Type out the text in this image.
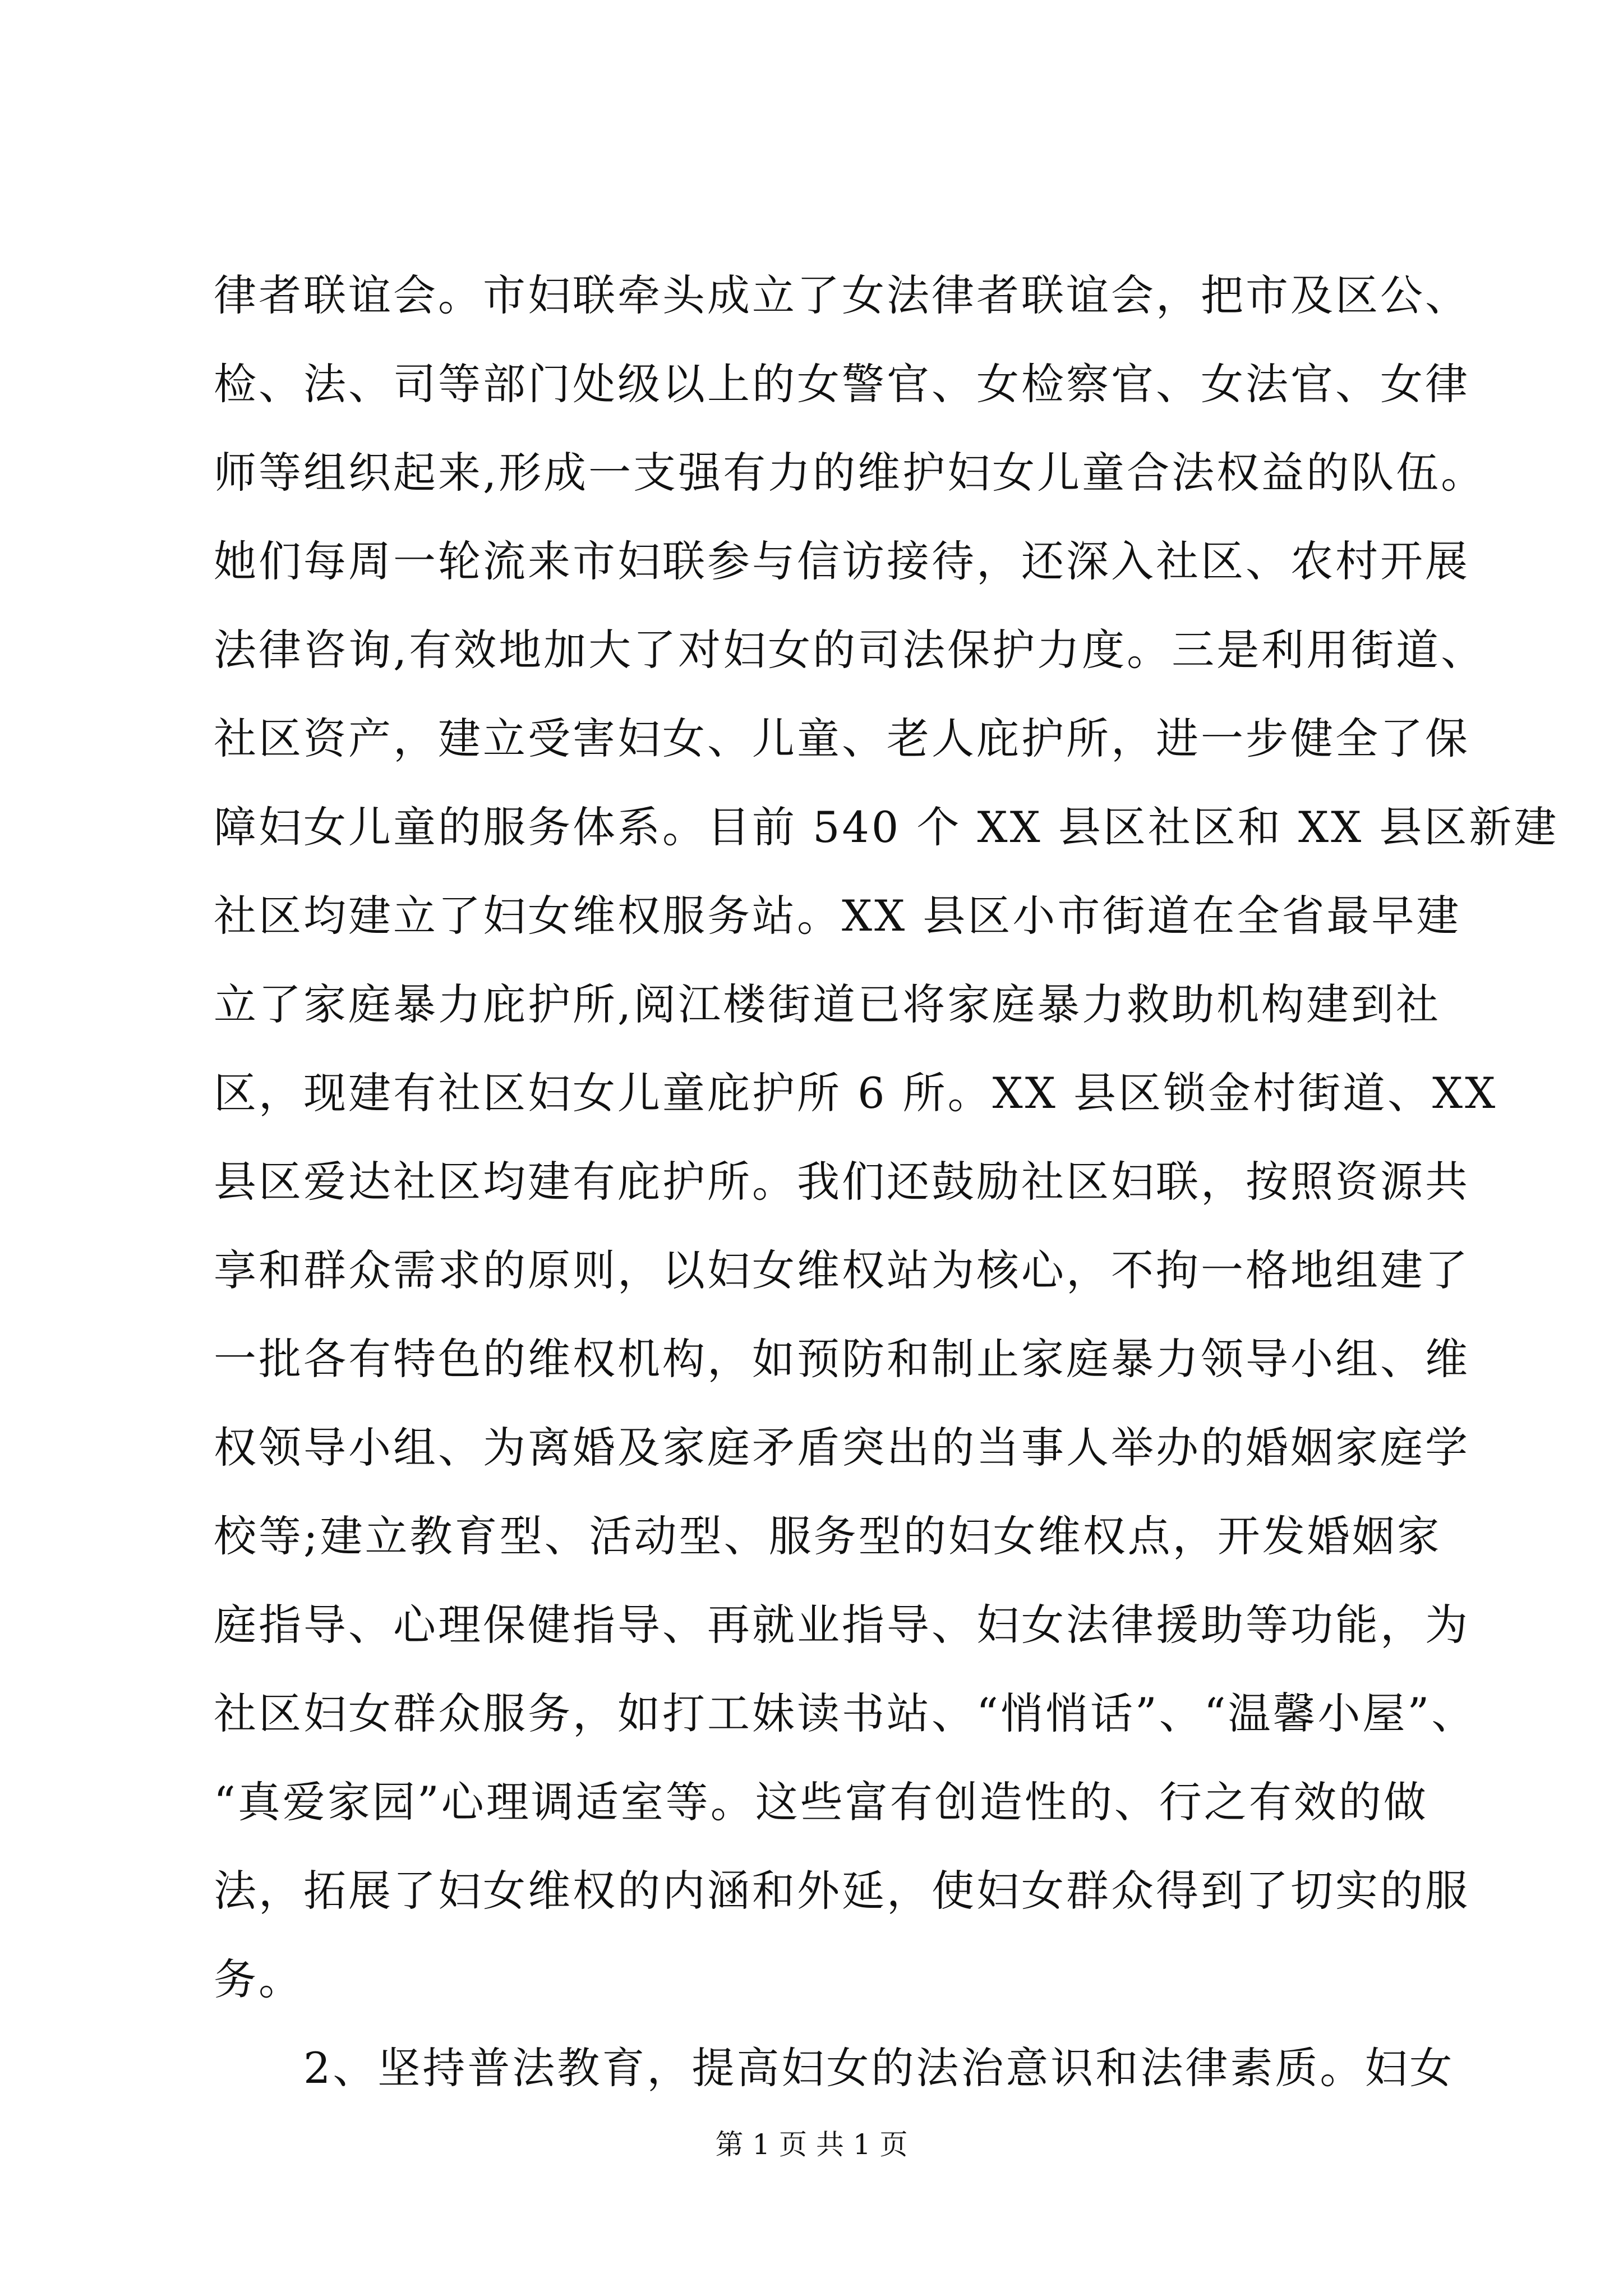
律者联谊会。市妇联牵头成立了女法律者联谊会，把市及区公、
检、法、司等部门处级以上的女警官、女检察官、女法官、女律
师等组织起来,形成一支强有力的维护妇女儿童合法权益的队伍。
她们每周一轮流来市妇联参与信访接待，还深入社区、农村开展
法律咨询,有效地加大了对妇女的司法保护力度。三是利用街道、
社区资产，建立受害妇女、儿童、老人庇护所，进一步健全了保
障妇女儿童的服务体系。目前 540 个 XX 县区社区和 XX 县区新建
社区均建立了妇女维权服务站。XX 县区小市街道在全省最早建
立了家庭暴力庇护所,阅江楼街道已将家庭暴力救助机构建到社
区，现建有社区妇女儿童庇护所 6 所。XX 县区锁金村街道、XX
县区爱达社区均建有庇护所。我们还鼓励社区妇联，按照资源共
享和群众需求的原则，以妇女维权站为核心，不拘一格地组建了
一批各有特色的维权机构，如预防和制止家庭暴力领导小组、维
权领导小组、为离婚及家庭矛盾突出的当事人举办的婚姻家庭学
校等;建立教育型、活动型、服务型的妇女维权点，开发婚姻家
庭指导、心理保健指导、再就业指导、妇女法律援助等功能，为
社区妇女群众服务，如打工妹读书站、“悄悄话”、“温馨小屋”、
“真爱家园”心理调适室等。这些富有创造性的、行之有效的做
法，拓展了妇女维权的内涵和外延，使妇女群众得到了切实的服
务。
　　2、坚持普法教育，提高妇女的法治意识和法律素质。妇女
第 1 页 共 1 页
